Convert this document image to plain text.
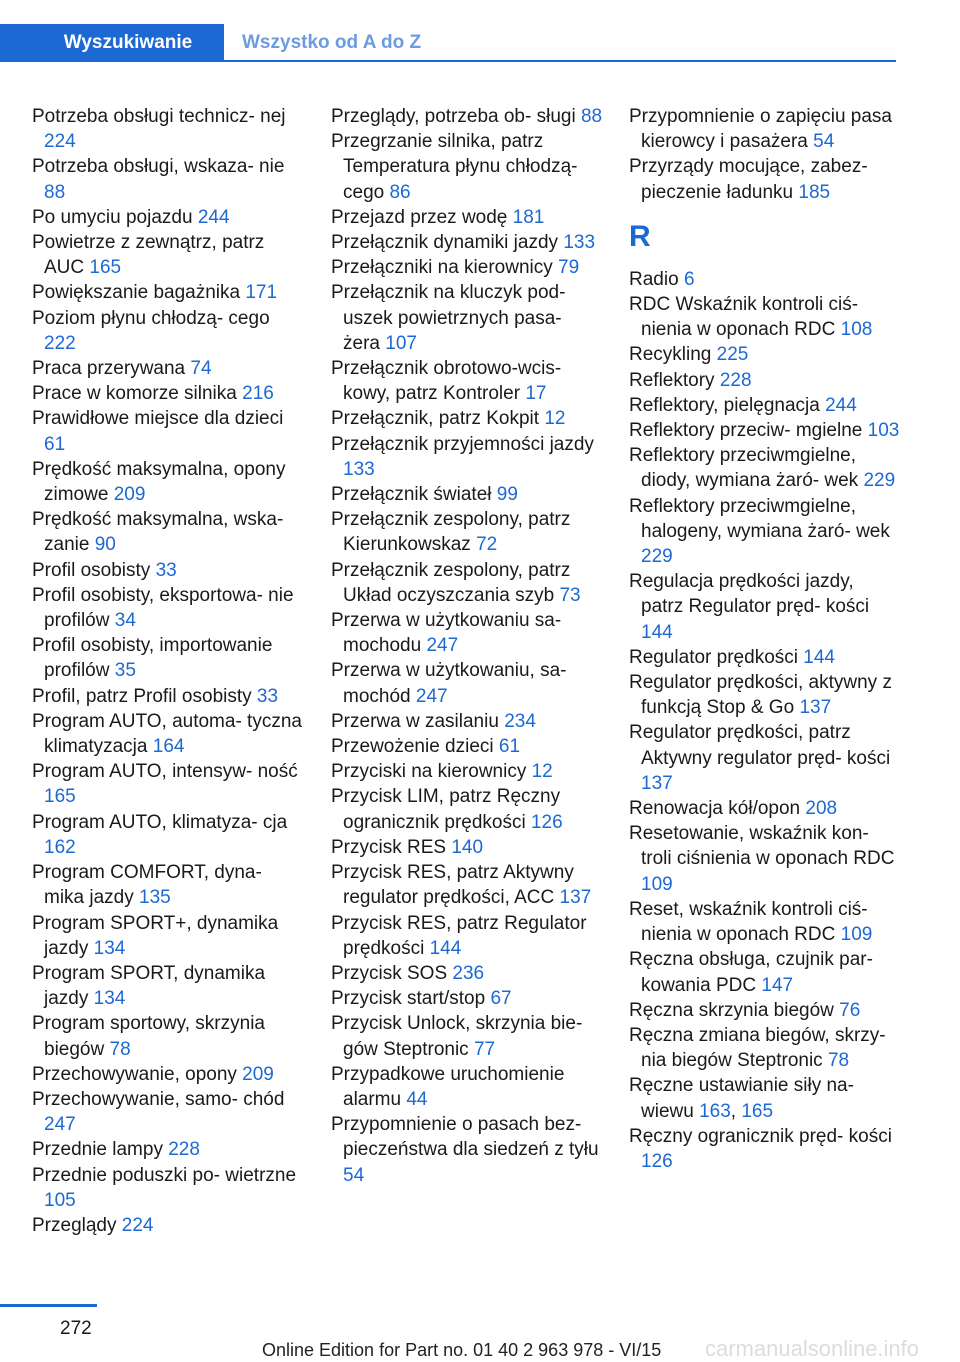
Wyszukiwanie	Wszystko od A do Z
Potrzeba obsługi technicz‐ nej 224
Potrzeba obsługi, wskaza‐ nie 88
Po umyciu pojazdu 244
Powietrze z zewnątrz, patrz AUC 165
Powiększanie bagażnika 171
Poziom płynu chłodzą‐ cego 222
Praca przerywana 74
Prace w komorze silnika 216
Prawidłowe miejsce dla dzieci 61
Prędkość maksymalna, opony zimowe 209
Prędkość maksymalna, wska‐ zanie 90
Profil osobisty 33
Profil osobisty, eksportowa‐ nie profilów 34
Profil osobisty, importowanie profilów 35
Profil, patrz Profil osobisty 33
Program AUTO, automa‐ tyczna klimatyzacja 164
Program AUTO, intensyw‐ ność 165
Program AUTO, klimatyza‐ cja 162
Program COMFORT, dyna‐ mika jazdy 135
Program SPORT+, dynamika jazdy 134
Program SPORT, dynamika jazdy 134
Program sportowy, skrzynia biegów 78
Przechowywanie, opony 209
Przechowywanie, samo‐ chód 247
Przednie lampy 228
Przednie poduszki po‐ wietrzne 105
Przeglądy 224
Przeglądy, potrzeba ob‐ sługi 88
Przegrzanie silnika, patrz Temperatura płynu chłodzą‐ cego 86
Przejazd przez wodę 181
Przełącznik dynamiki jazdy 133
Przełączniki na kierownicy 79
Przełącznik na kluczyk pod‐ uszek powietrznych pasa‐ żera 107
Przełącznik obrotowo-wcis‐ kowy, patrz Kontroler 17
Przełącznik, patrz Kokpit 12
Przełącznik przyjemności jazdy 133
Przełącznik świateł 99
Przełącznik zespolony, patrz Kierunkowskaz 72
Przełącznik zespolony, patrz Układ oczyszczania szyb 73
Przerwa w użytkowaniu sa‐ mochodu 247
Przerwa w użytkowaniu, sa‐ mochód 247
Przerwa w zasilaniu 234
Przewożenie dzieci 61
Przyciski na kierownicy 12
Przycisk LIM, patrz Ręczny ogranicznik prędkości 126
Przycisk RES 140
Przycisk RES, patrz Aktywny regulator prędkości, ACC 137
Przycisk RES, patrz Regulator prędkości 144
Przycisk SOS 236
Przycisk start/stop 67
Przycisk Unlock, skrzynia bie‐ gów Steptronic 77
Przypadkowe uruchomienie alarmu 44
Przypomnienie o pasach bez‐ pieczeństwa dla siedzeń z tyłu 54
Przypomnienie o zapięciu pasa kierowcy i pasażera 54
Przyrządy mocujące, zabez‐ pieczenie ładunku 185
R
Radio 6
RDC Wskaźnik kontroli ciś‐ nienia w oponach RDC 108
Recykling 225
Reflektory 228
Reflektory, pielęgnacja 244
Reflektory przeciw‐ mgielne 103
Reflektory przeciwmgielne, diody, wymiana żaró‐ wek 229
Reflektory przeciwmgielne, halogeny, wymiana żaró‐ wek 229
Regulacja prędkości jazdy, patrz Regulator pręd‐ kości 144
Regulator prędkości 144
Regulator prędkości, aktywny z funkcją Stop & Go 137
Regulator prędkości, patrz Aktywny regulator pręd‐ kości 137
Renowacja kół/opon 208
Resetowanie, wskaźnik kon‐ troli ciśnienia w oponach RDC 109
Reset, wskaźnik kontroli ciś‐ nienia w oponach RDC 109
Ręczna obsługa, czujnik par‐ kowania PDC 147
Ręczna skrzynia biegów 76
Ręczna zmiana biegów, skrzy‐ nia biegów Steptronic 78
Ręczne ustawianie siły na‐ wiewu 163, 165
Ręczny ogranicznik pręd‐ kości 126
272
Online Edition for Part no. 01 40 2 963 978 - VI/15 carmanualsonline.info
